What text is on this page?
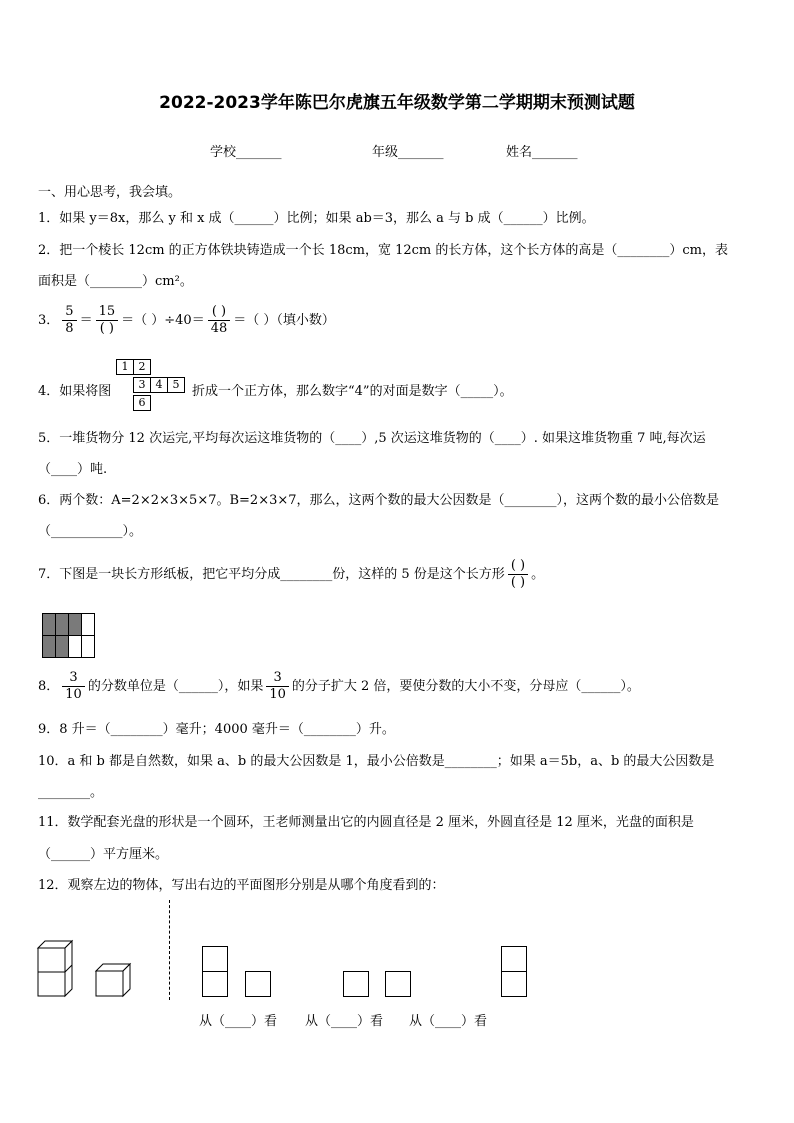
2022-2023学年陈巴尔虎旗五年级数学第二学期期末预测试题
学校_______	年级_______	姓名_______
一、用心思考，我会填。
1．如果 y＝8x，那么 y 和 x 成（______）比例；如果 ab＝3，那么 a 与 b 成（______）比例。
2．把一个棱长 12cm 的正方体铁块铸造成一个长 18cm，宽 12cm 的长方体，这个长方体的高是（________）cm，表
面积是（________）cm²。
3． $\frac{5}{8} = \frac{15}{( )}$ ＝（ ）$\div 40= \frac{( )}{48}$ ＝（ ）（填小数）
4．如果将图
1 2
3 4 5
6
折成一个正方体，那么数字“4”的对面是数字（_____）。
5．一堆货物分 12 次运完,平均每次运这堆货物的（____）,5 次运这堆货物的（____）. 如果这堆货物重 7 吨,每次运
（____）吨.
6．两个数：A=2×2×3×5×7。B=2×3×7，那么，这两个数的最大公因数是（________），这两个数的最小公倍数是
（___________）。
7．下图是一块长方形纸板，把它平均分成________份，这样的 5 份是这个长方形 $\frac{( )}{( )}$ 。
8． $\frac{3}{10}$ 的分数单位是（______），如果 $\frac{3}{10}$ 的分子扩大 2 倍，要使分数的大小不变，分母应（______）。
9．8 升＝（________）毫升；4000 毫升＝（________）升。
10．a 和 b 都是自然数，如果 a、b 的最大公因数是 1，最小公倍数是________；如果 a＝5b，a、b 的最大公因数是
________。
11．数学配套光盘的形状是一个圆环，王老师测量出它的内圆直径是 2 厘米，外圆直径是 12 厘米，光盘的面积是
（______）平方厘米。
12．观察左边的物体，写出右边的平面图形分别是从哪个角度看到的：
从（____）看 从（____）看 从（____）看
